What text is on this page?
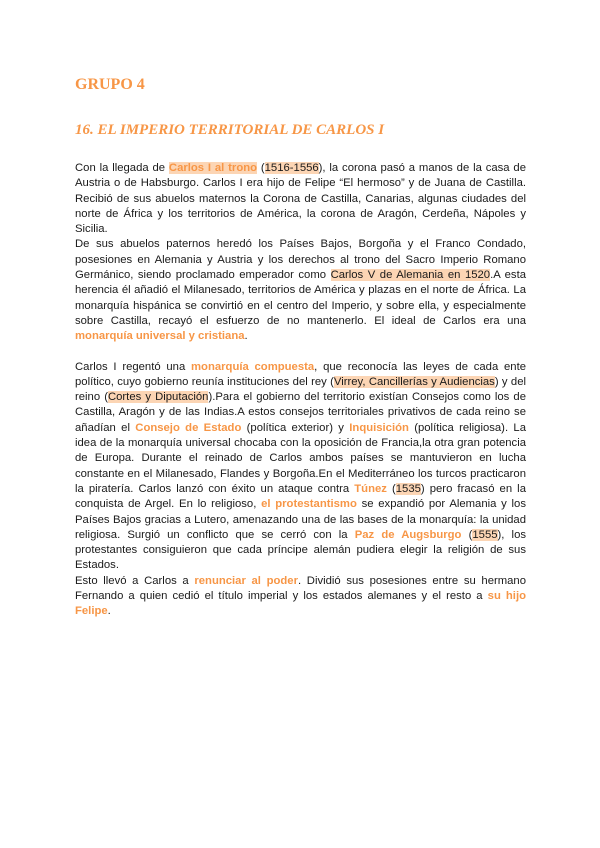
GRUPO 4
16. EL IMPERIO TERRITORIAL DE CARLOS I

Con la llegada de Carlos I al trono (1516-1556), la corona pasó a manos de la casa de Austria o de Habsburgo. Carlos I era hijo de Felipe “El hermoso” y de Juana de Castilla. Recibió de sus abuelos maternos la Corona de Castilla, Canarias, algunas ciudades del norte de África y los territorios de América, la corona de Aragón, Cerdeña, Nápoles y Sicilia.

De sus abuelos paternos heredó los Países Bajos, Borgoña y el Franco Condado, posesiones en Alemania y Austria y los derechos al trono del Sacro Imperio Romano Germánico, siendo proclamado emperador como Carlos V de Alemania en 1520.A esta herencia él añadió el Milanesado, territorios de América y plazas en el norte de África. La monarquía hispánica se convirtió en el centro del Imperio, y sobre ella, y especialmente sobre Castilla, recayó el esfuerzo de no mantenerlo. El ideal de Carlos era una monarquía universal y cristiana.

Carlos I regentó una monarquía compuesta, que reconocía las leyes de cada ente político, cuyo gobierno reunía instituciones del rey (Virrey, Cancillerías y Audiencias) y del reino (Cortes y Diputación).Para el gobierno del territorio existían Consejos como los de Castilla, Aragón y de las Indias.A estos consejos territoriales privativos de cada reino se añadían el Consejo de Estado (política exterior) y Inquisición (política religiosa). La idea de la monarquía universal chocaba con la oposición de Francia,la otra gran potencia de Europa. Durante el reinado de Carlos ambos países se mantuvieron en lucha constante en el Milanesado, Flandes y Borgoña.En el Mediterráneo los turcos practicaron la piratería. Carlos lanzó con éxito un ataque contra Túnez (1535) pero fracasó en la conquista de Argel. En lo religioso, el protestantismo se expandió por Alemania y los Países Bajos gracias a Lutero, amenazando una de las bases de la monarquía: la unidad religiosa. Surgió un conflicto que se cerró con la Paz de Augsburgo (1555), los protestantes consiguieron que cada príncipe alemán pudiera elegir la religión de sus Estados.

Esto llevó a Carlos a renunciar al poder. Dividió sus posesiones entre su hermano Fernando a quien cedió el título imperial y los estados alemanes y el resto a su hijo Felipe.
